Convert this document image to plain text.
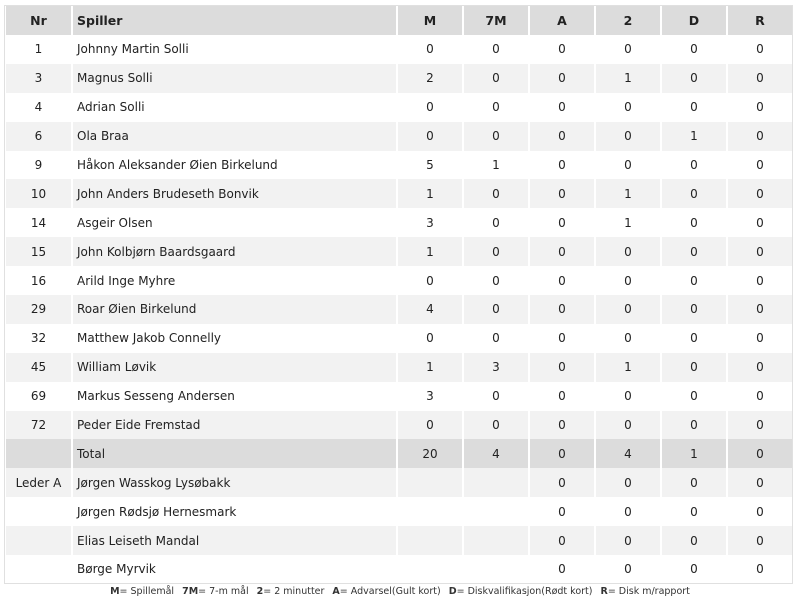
Nr	Spiller	M	7M	A	2	D	R
1	Johnny Martin Solli	0	0	0	0	0	0
3	Magnus Solli	2	0	0	1	0	0
4	Adrian Solli	0	0	0	0	0	0
6	Ola Braa	0	0	0	0	1	0
9	Håkon Aleksander Øien Birkelund	5	1	0	0	0	0
10	John Anders Brudeseth Bonvik	1	0	0	1	0	0
14	Asgeir Olsen	3	0	0	1	0	0
15	John Kolbjørn Baardsgaard	1	0	0	0	0	0
16	Arild Inge Myhre	0	0	0	0	0	0
29	Roar Øien Birkelund	4	0	0	0	0	0
32	Matthew Jakob Connelly	0	0	0	0	0	0
45	William Løvik	1	3	0	1	0	0
69	Markus Sesseng Andersen	3	0	0	0	0	0
72	Peder Eide Fremstad	0	0	0	0	0	0
	Total	20	4	0	4	1	0
Leder A	Jørgen Wasskog Lysøbakk			0	0	0	0
	Jørgen Rødsjø Hernesmark			0	0	0	0
	Elias Leiseth Mandal			0	0	0	0
	Børge Myrvik			0	0	0	0
M= Spillemål 7M= 7-m mål 2= 2 minutter A= Advarsel(Gult kort) D= Diskvalifikasjon(Rødt kort) R= Disk m/rapport
